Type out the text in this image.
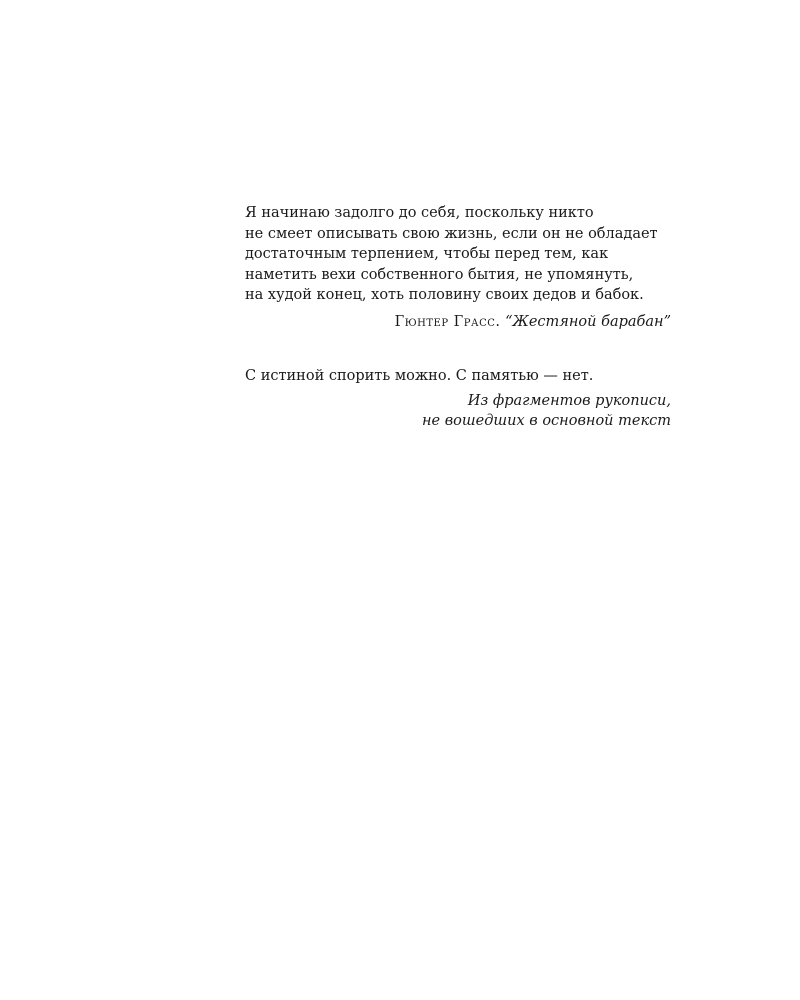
Я начинаю задолго до себя, поскольку никто
не смеет описывать свою жизнь, если он не обладает
достаточным терпением, чтобы перед тем, как
наметить вехи собственного бытия, не упомянуть,
на худой конец, хоть половину своих дедов и бабок.
Гюнтер Грасс. “Жестяной барабан”
С истиной спорить можно. С памятью — нет.
Из фрагментов рукописи,
не вошедших в основной текст
